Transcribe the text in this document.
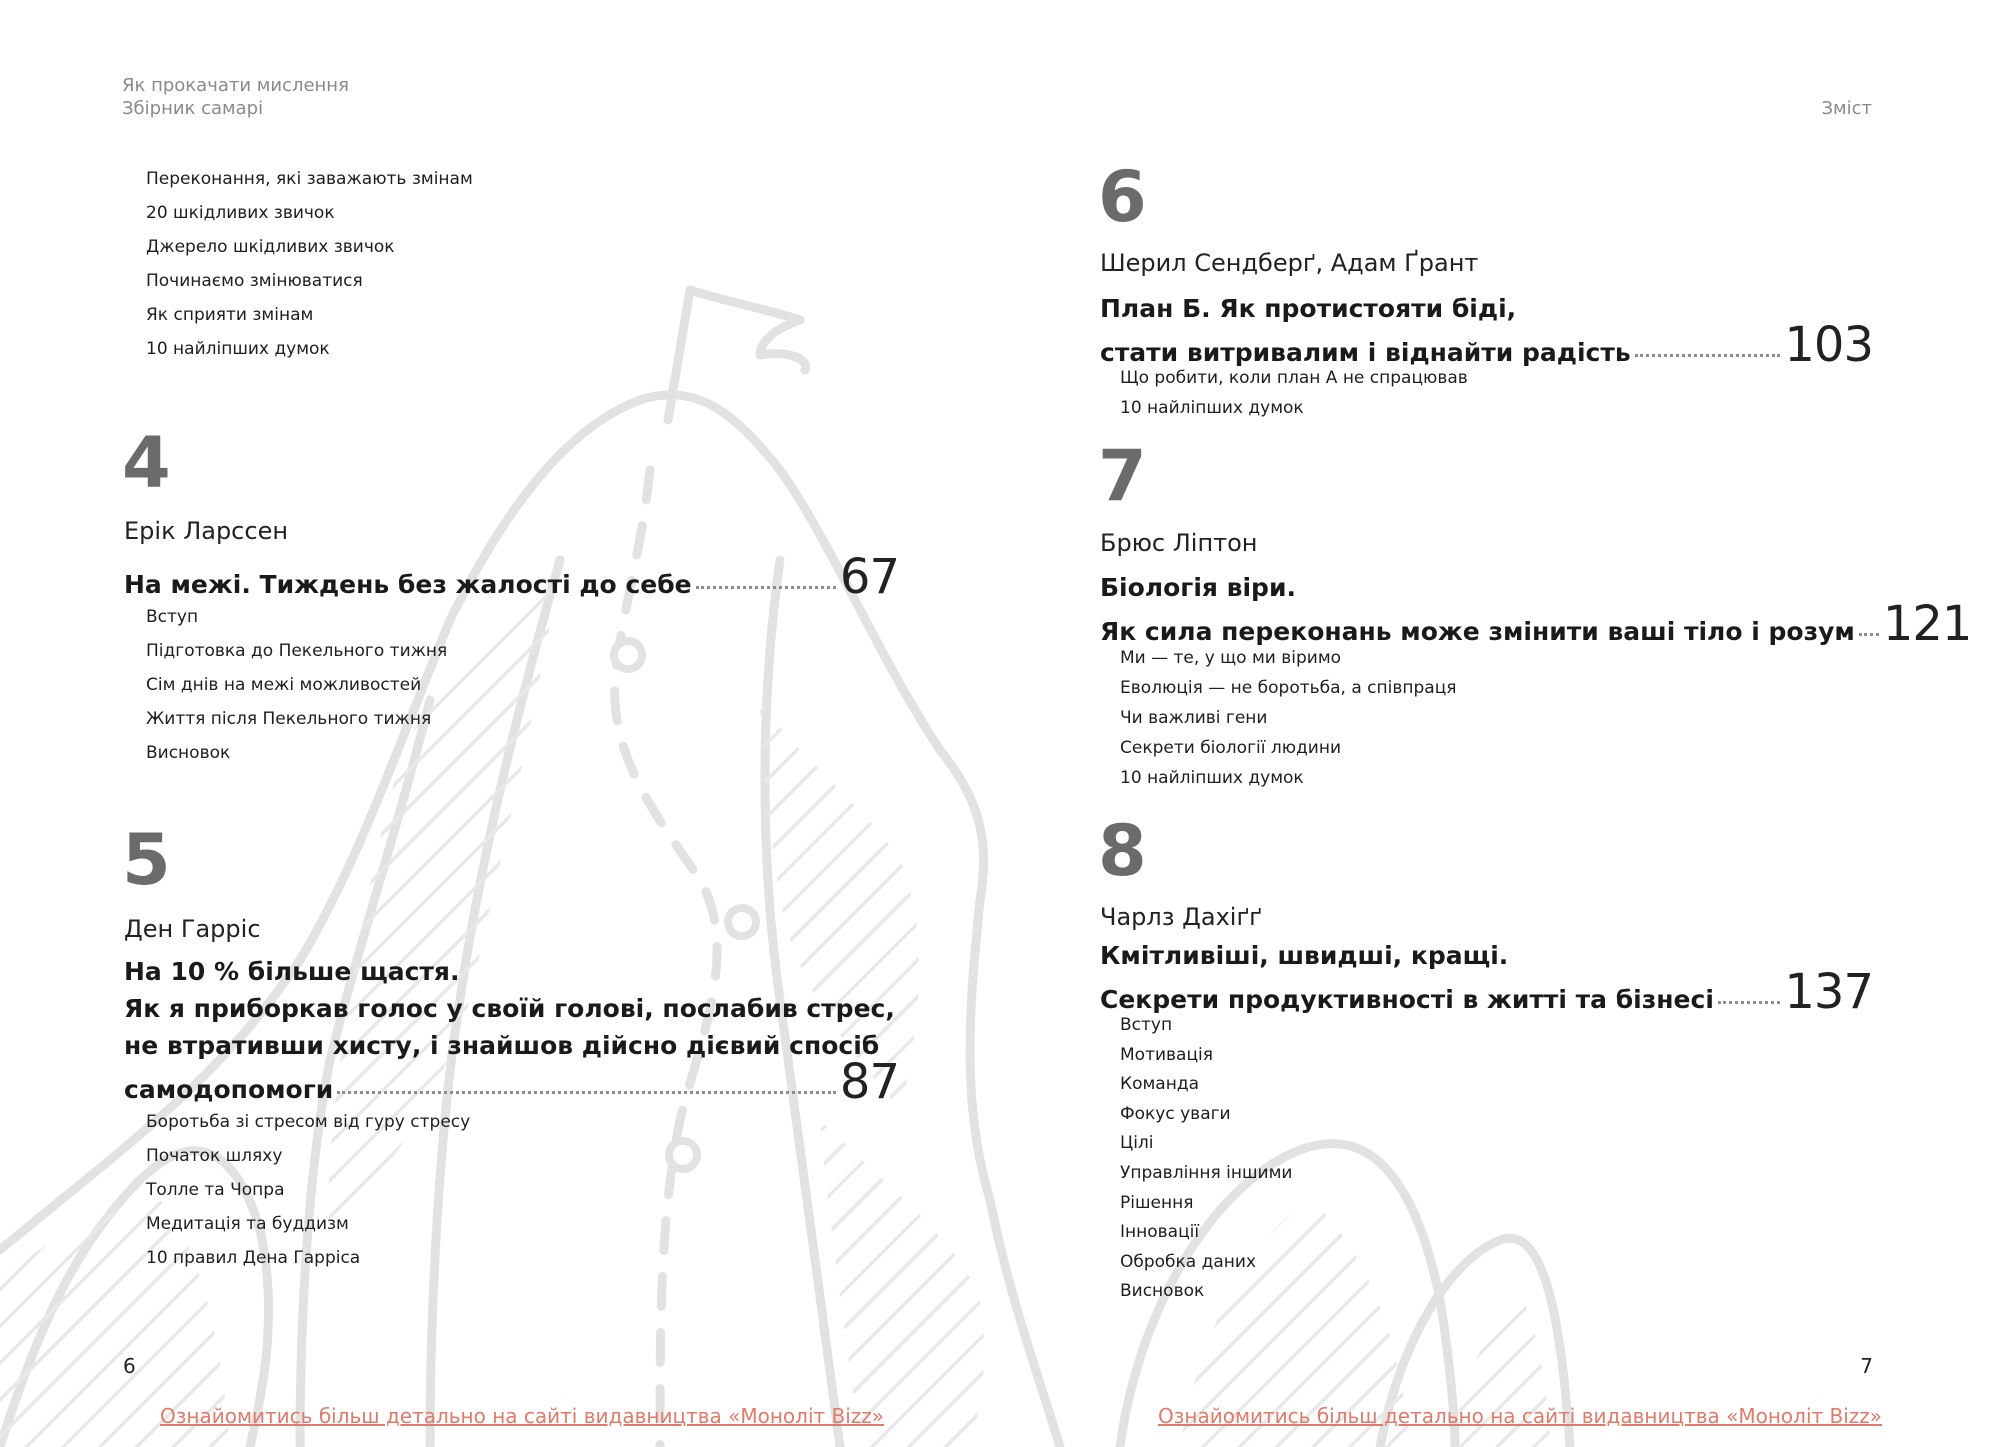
Як прокачати мислення
Збірник самарі	Зміст
Переконання, які заважають змінам
20 шкідливих звичок
Джерело шкідливих звичок
Починаємо змінюватися
Як сприяти змінам
10 найліпших думок
4
Ерік Ларссен
На межі. Тиждень без жалості до себе	67
Вступ
Підготовка до Пекельного тижня
Сім днів на межі можливостей
Життя після Пекельного тижня
Висновок
5
Ден Гарріс
На 10 % більше щастя.
Як я приборкав голос у своїй голові, послабив стрес,
не втративши хисту, і знайшов дійсно дієвий спосіб
самодопомоги	87
Боротьба зі стресом від гуру стресу
Початок шляху
Толле та Чопра
Медитація та буддизм
10 правил Дена Гарріса
6
Ознайомитись більш детально на сайті видавництва «Моноліт Bizz»
6
Шерил Сендберґ, Адам Ґрант
План Б. Як протистояти біді,
стати витривалим і віднайти радість	103
Що робити, коли план А не спрацював
10 найліпших думок
7
Брюс Ліптон
Біологія віри.
Як сила переконань може змінити ваші тіло і розум 121
Ми — те, у що ми віримо
Еволюція — не боротьба, а співпраця
Чи важливі гени
Секрети біології людини
10 найліпших думок
8
Чарлз Дахіґґ
Кмітливіші, швидші, кращі.
Секрети продуктивності в житті та бізнесі 137
Вступ
Мотивація
Команда
Фокус уваги
Цілі
Управління іншими
Рішення
Інновації
Обробка даних
Висновок
7
Ознайомитись більш детально на сайті видавництва «Моноліт Bizz»
